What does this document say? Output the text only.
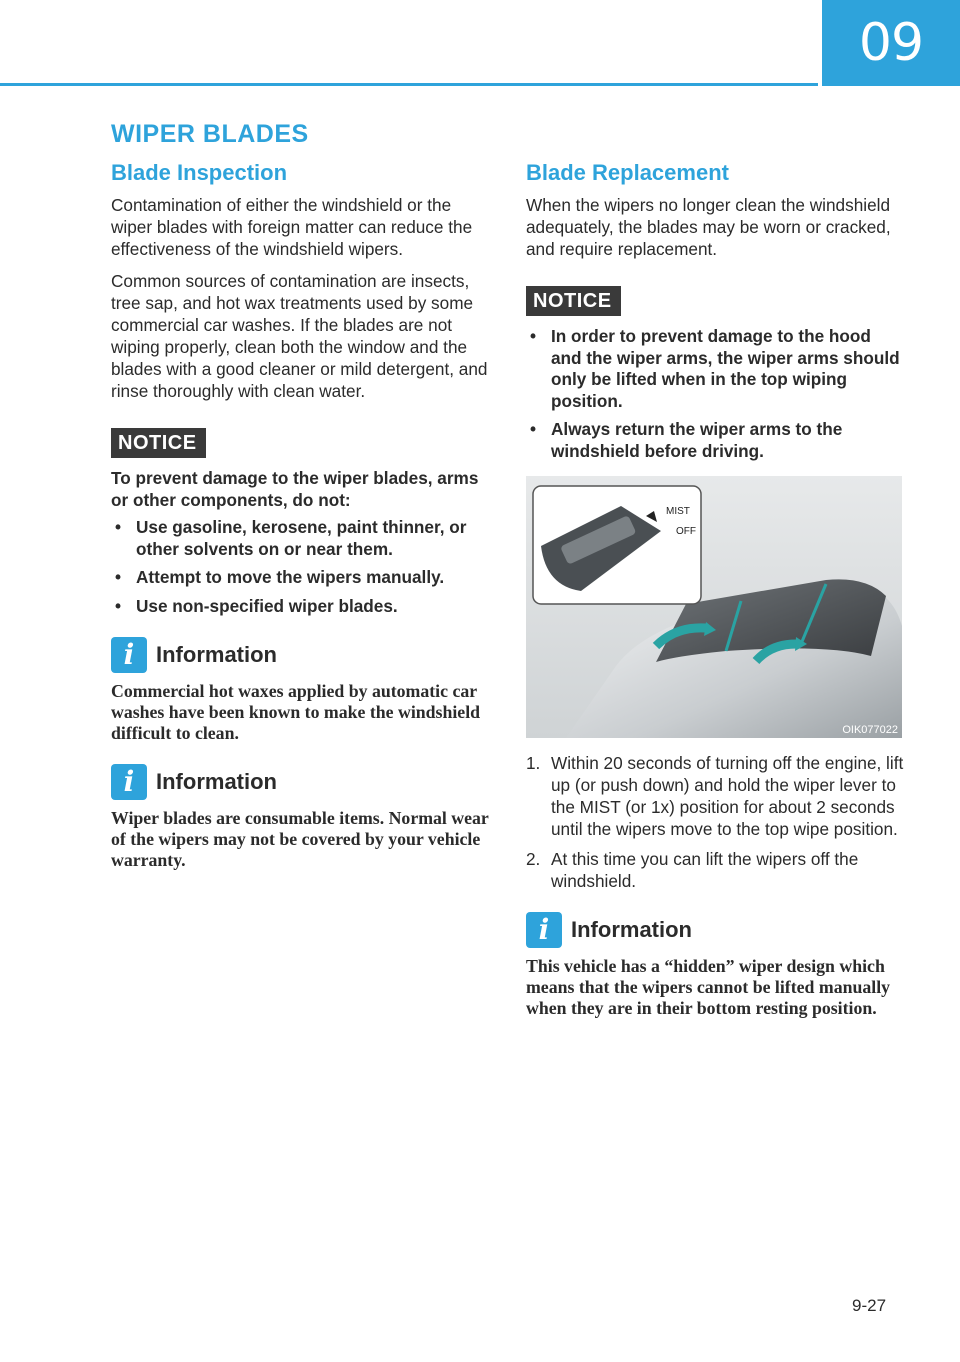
09
WIPER BLADES
Blade Inspection

Contamination of either the windshield or the wiper blades with foreign matter can reduce the effectiveness of the windshield wipers.

Common sources of contamination are insects, tree sap, and hot wax treatments used by some commercial car washes. If the blades are not wiping properly, clean both the window and the blades with a good cleaner or mild detergent, and rinse thoroughly with clean water.

NOTICE

To prevent damage to the wiper blades, arms or other components, do not:

• Use gasoline, kerosene, paint thinner, or other solvents on or near them.
• Attempt to move the wipers manually.
• Use non-specified wiper blades.
i Information

Commercial hot waxes applied by automatic car washes have been known to make the windshield difficult to clean.

i Information

Wiper blades are consumable items. Normal wear of the wipers may not be covered by your vehicle warranty.

Blade Replacement

When the wipers no longer clean the windshield adequately, the blades may be worn or cracked, and require replacement.

NOTICE
• In order to prevent damage to the hood and the wiper arms, the wiper arms should only be lifted when in the top wiping position.
• Always return the wiper arms to the windshield before driving.
MIST
OFF
OIK077022
1. Within 20 seconds of turning off the engine, lift up (or push down) and hold the wiper lever to the MIST (or 1x) position for about 2 seconds until the wipers move to the top wipe position.
2. At this time you can lift the wipers off the windshield.
i Information

This vehicle has a “hidden” wiper design which means that the wipers cannot be lifted manually when they are in their bottom resting position.

9-27
